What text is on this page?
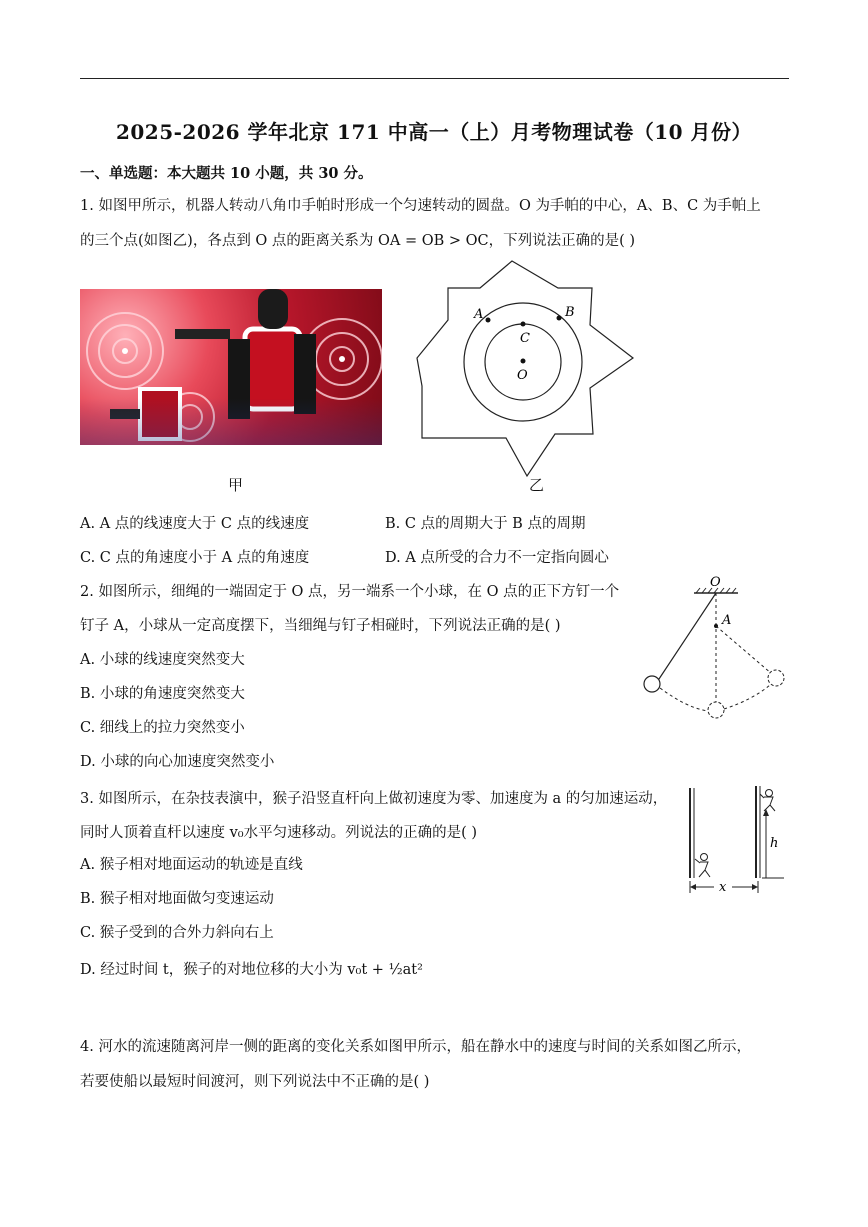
2025-2026 学年北京 171 中高一（上）月考物理试卷（10 月份）
一、单选题：本大题共 10 小题，共 30 分。
1. 如图甲所示，机器人转动八角巾手帕时形成一个匀速转动的圆盘。O 为手帕的中心，A、B、C 为手帕上
的三个点(如图乙)，各点到 O 点的距离关系为 OA = OB > OC，下列说法正确的是( )
甲
A	B
C
O
乙
A. A 点的线速度大于 C 点的线速度	B. C 点的周期大于 B 点的周期
C. C 点的角速度小于 A 点的角速度	D. A 点所受的合力不一定指向圆心
2. 如图所示，细绳的一端固定于 O 点，另一端系一个小球，在 O 点的正下方钉一个
钉子 A，小球从一定高度摆下，当细绳与钉子相碰时，下列说法正确的是( )
A. 小球的线速度突然变大
B. 小球的角速度突然变大
C. 细线上的拉力突然变小
D. 小球的向心加速度突然变小
O
A
3. 如图所示，在杂技表演中，猴子沿竖直杆向上做初速度为零、加速度为 a 的匀加速运动，
同时人顶着直杆以速度 v₀水平匀速移动。列说法的正确的是( )
A. 猴子相对地面运动的轨迹是直线
B. 猴子相对地面做匀变速运动
C. 猴子受到的合外力斜向右上
D. 经过时间 t，猴子的对地位移的大小为 v₀t + ½at²
h
x
4. 河水的流速随离河岸一侧的距离的变化关系如图甲所示，船在静水中的速度与时间的关系如图乙所示，
若要使船以最短时间渡河，则下列说法中不正确的是( )
